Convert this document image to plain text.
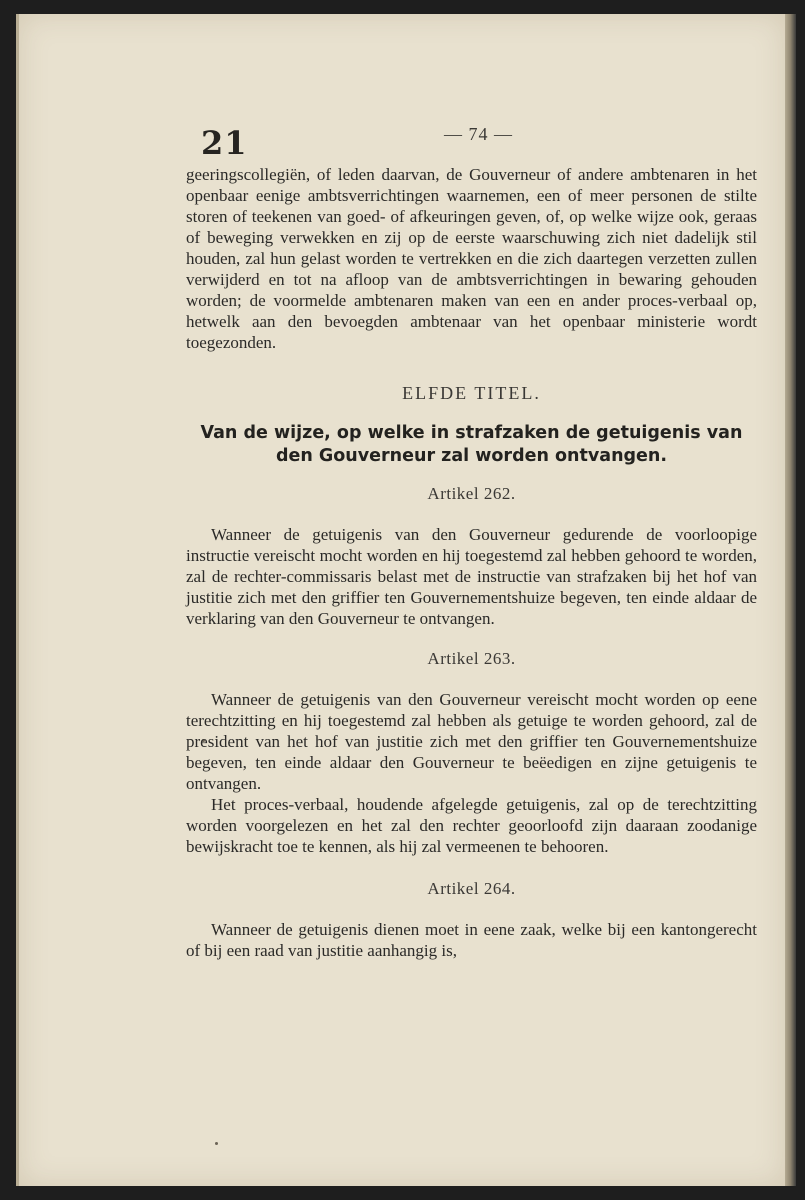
21	— 74 —

geeringscollegiën, of leden daarvan, de Gouverneur of andere ambtenaren in het openbaar eenige ambtsverrichtingen waarnemen, een of meer personen de stilte storen of teekenen van goed- of afkeuringen geven, of, op welke wijze ook, geraas of beweging verwekken en zij op de eerste waarschuwing zich niet dadelijk stil houden, zal hun gelast worden te vertrekken en die zich daartegen verzetten zullen verwijderd en tot na afloop van de ambtsverrichtingen in bewaring gehouden worden; de voormelde ambtenaren maken van een en ander proces-verbaal op, hetwelk aan den bevoegden ambtenaar van het openbaar ministerie wordt toegezonden.

ELFDE TITEL.
Van de wijze, op welke in strafzaken de getuigenis van den Gouverneur zal worden ontvangen.
Artikel 262.

Wanneer de getuigenis van den Gouverneur gedurende de voorloopige instructie vereischt mocht worden en hij toegestemd zal hebben gehoord te worden, zal de rechter-commissaris belast met de instructie van strafzaken bij het hof van justitie zich met den griffier ten Gouvernementshuize begeven, ten einde aldaar de verklaring van den Gouverneur te ontvangen.

Artikel 263.

Wanneer de getuigenis van den Gouverneur vereischt mocht worden op eene terechtzitting en hij toegestemd zal hebben als getuige te worden gehoord, zal de president van het hof van justitie zich met den griffier ten Gouvernementshuize begeven, ten einde aldaar den Gouverneur te beëedigen en zijne getuigenis te ontvangen.

Het proces-verbaal, houdende afgelegde getuigenis, zal op de terechtzitting worden voorgelezen en het zal den rechter geoorloofd zijn daaraan zoodanige bewijskracht toe te kennen, als hij zal vermeenen te behooren.

Artikel 264.

Wanneer de getuigenis dienen moet in eene zaak, welke bij een kantongerecht of bij een raad van justitie aanhangig is,
